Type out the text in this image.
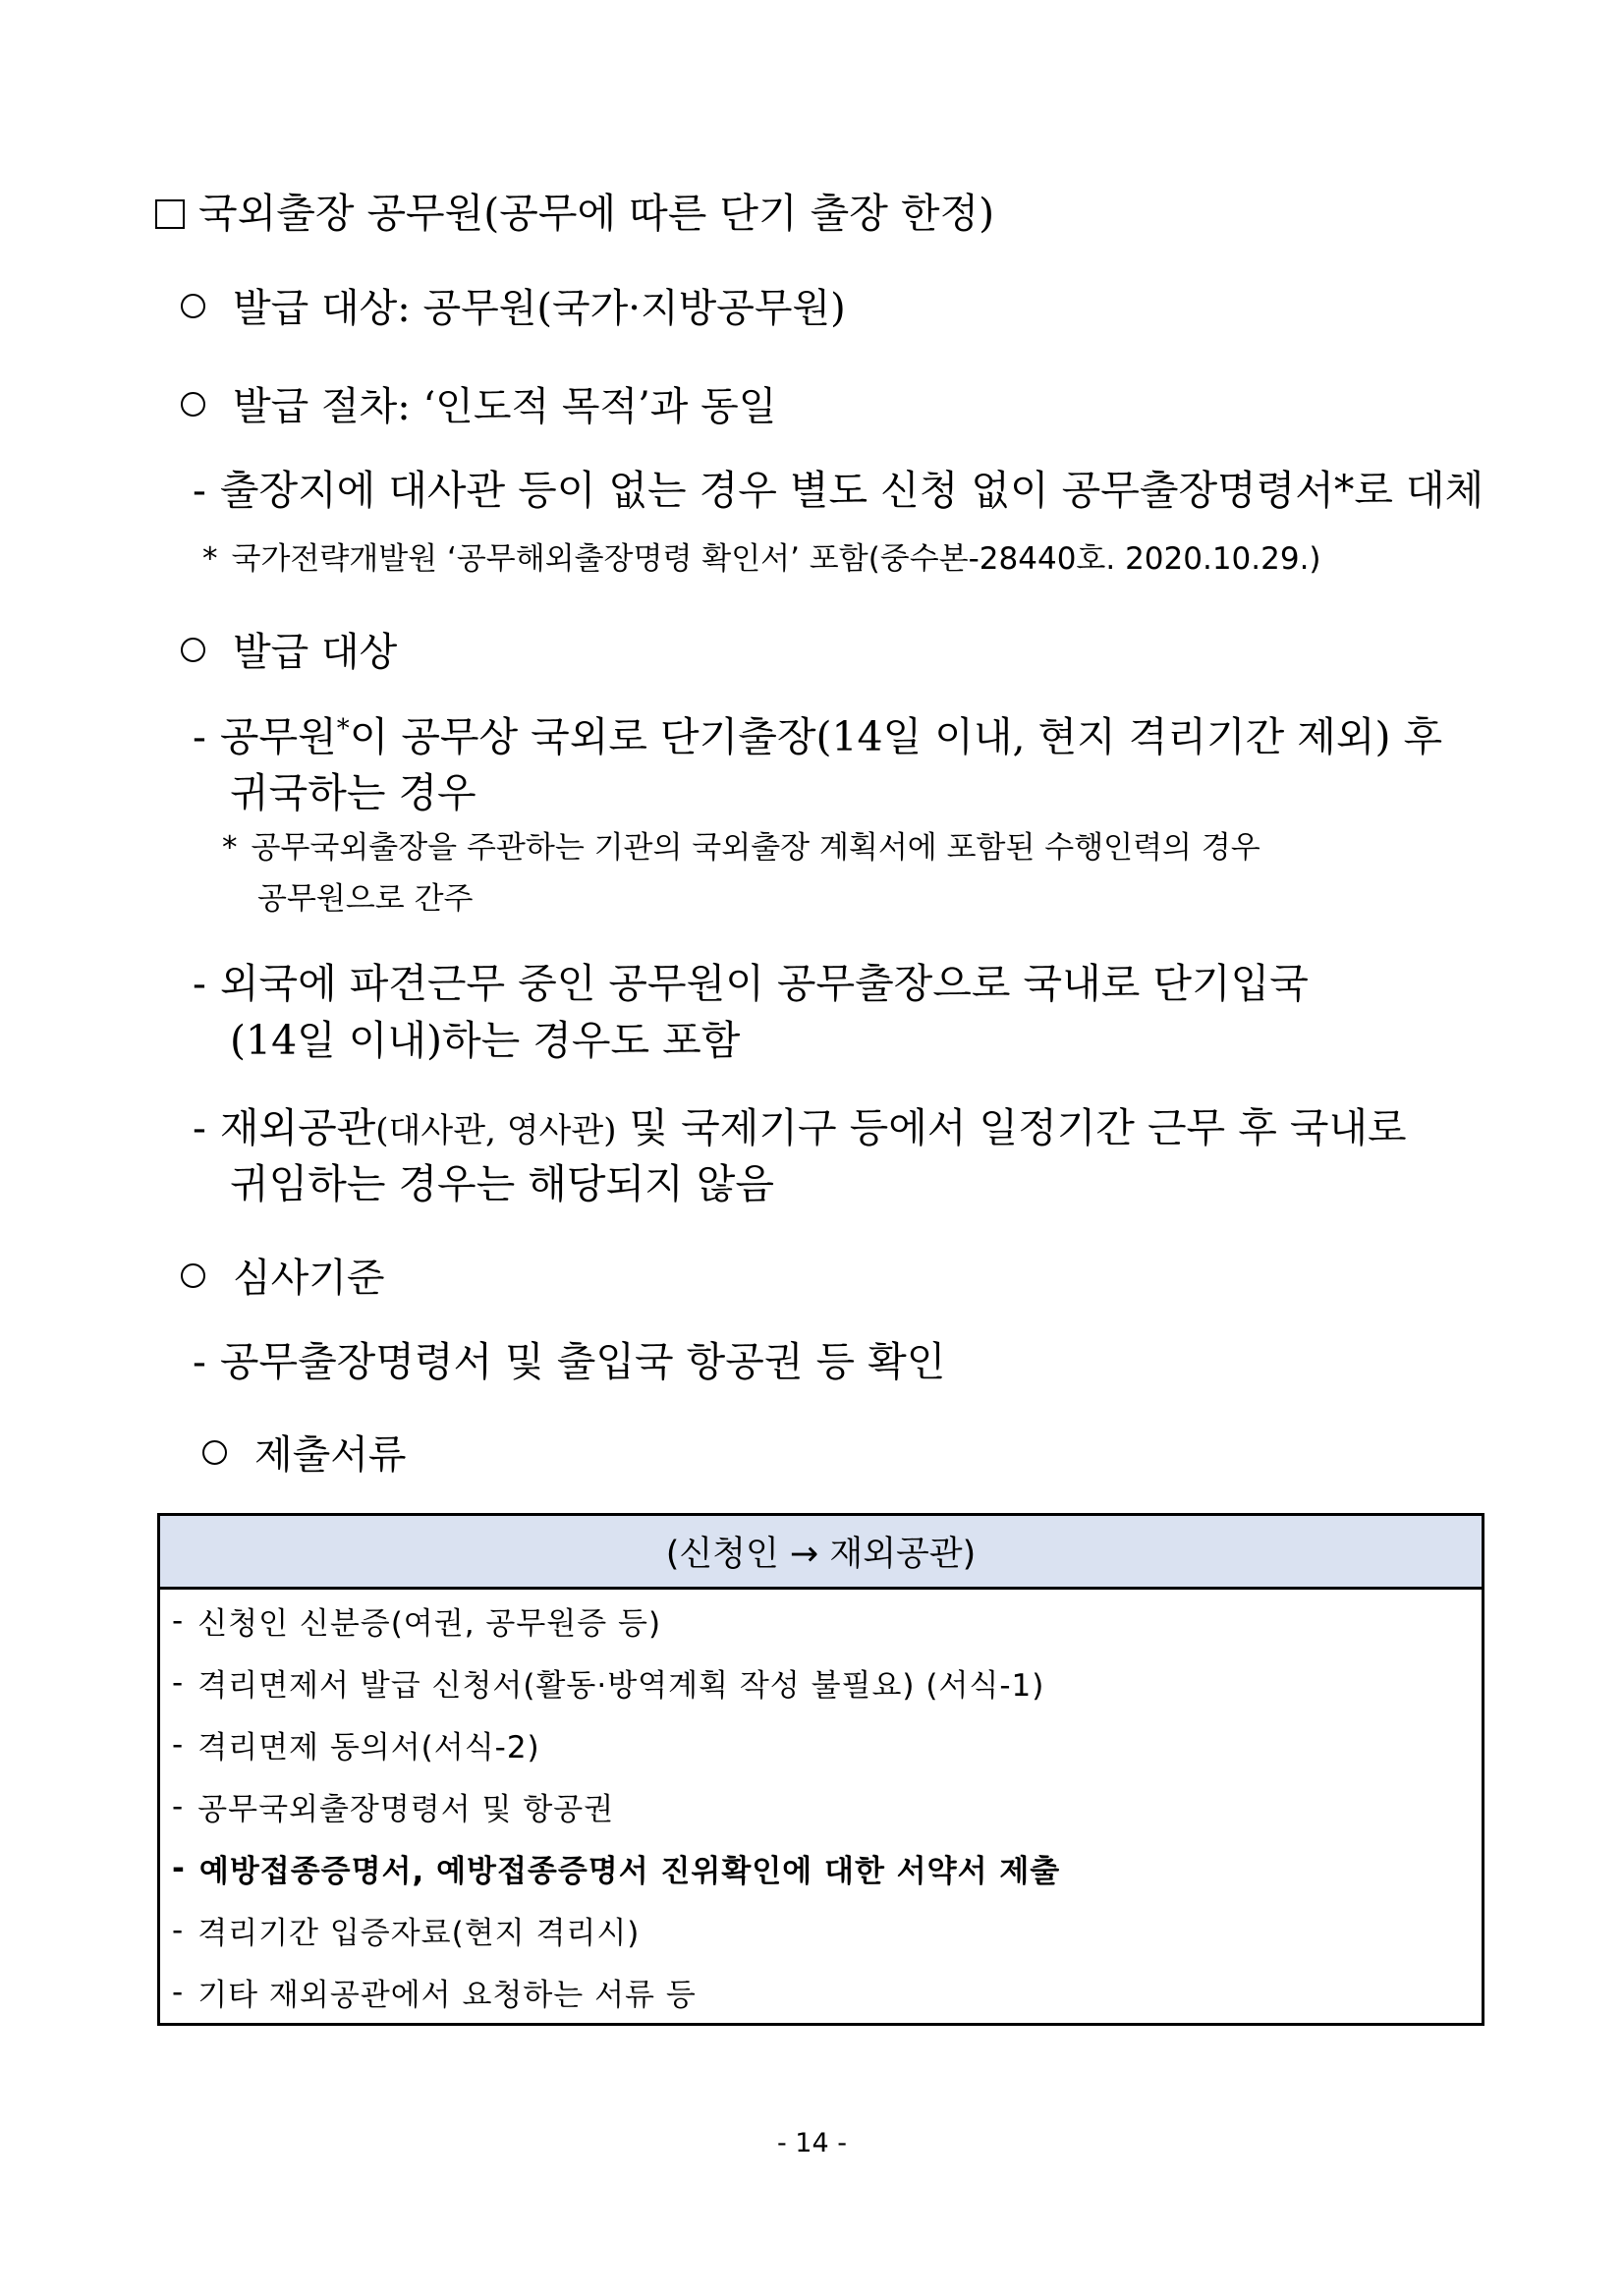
국외출장 공무원(공무에 따른 단기 출장 한정)
발급 대상: 공무원(국가·지방공무원)
발급 절차: ‘인도적 목적’과 동일
- 출장지에 대사관 등이 없는 경우 별도 신청 없이 공무출장명령서*로 대체
* 국가전략개발원 ‘공무해외출장명령 확인서’ 포함(중수본-28440호. 2020.10.29.)
발급 대상
- 공무원*이 공무상 국외로 단기출장(14일 이내, 현지 격리기간 제외) 후
귀국하는 경우
* 공무국외출장을 주관하는 기관의 국외출장 계획서에 포함된 수행인력의 경우
공무원으로 간주
- 외국에 파견근무 중인 공무원이 공무출장으로 국내로 단기입국
(14일 이내)하는 경우도 포함
- 재외공관(대사관, 영사관) 및 국제기구 등에서 일정기간 근무 후 국내로
귀임하는 경우는 해당되지 않음
심사기준
- 공무출장명령서 및 출입국 항공권 등 확인
제출서류
(신청인 → 재외공관)
- 신청인 신분증(여권, 공무원증 등)
- 격리면제서 발급 신청서(활동·방역계획 작성 불필요) (서식-1)
- 격리면제 동의서(서식-2)
- 공무국외출장명령서 및 항공권
- 예방접종증명서, 예방접종증명서 진위확인에 대한 서약서 제출
- 격리기간 입증자료(현지 격리시)
- 기타 재외공관에서 요청하는 서류 등
- 14 -
